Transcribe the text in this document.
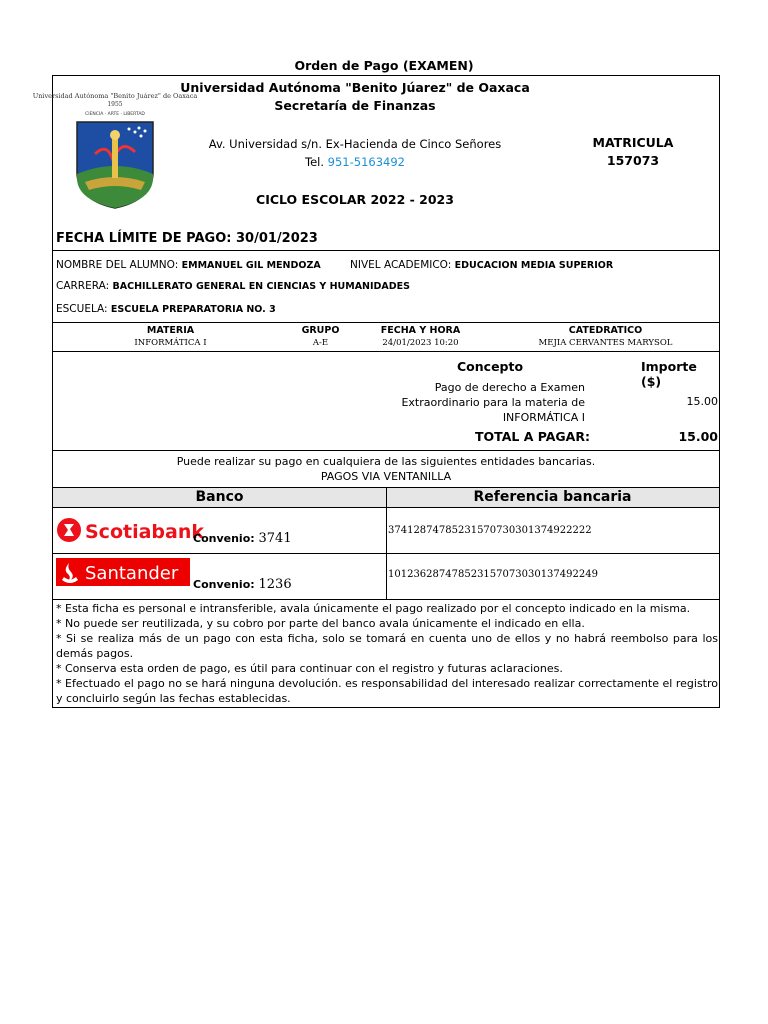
Orden de Pago (EXAMEN)
Universidad Autónoma "Benito Juárez" de Oaxaca
1955
CIENCIA · ARTE · LIBERTAD
Universidad Autónoma "Benito Júarez" de Oaxaca
Secretaría de Finanzas
Av. Universidad s/n. Ex-Hacienda de Cinco Señores
Tel. 951-5163492
MATRICULA
157073
CICLO ESCOLAR 2022 - 2023
FECHA LÍMITE DE PAGO: 30/01/2023
NOMBRE DEL ALUMNO: EMMANUEL GIL MENDOZA	NIVEL ACADEMICO: EDUCACION MEDIA SUPERIOR
CARRERA: BACHILLERATO GENERAL EN CIENCIAS Y HUMANIDADES
ESCUELA: ESCUELA PREPARATORIA NO. 3
MATERIA	GRUPO	FECHA Y HORA	CATEDRATICO
INFORMÁTICA I	A-E	24/01/2023 10:20	MEJIA CERVANTES MARYSOL
Concepto	Importe ($)
Pago de derecho a Examen
Extraordinario para la materia de
INFORMÁTICA I
15.00
TOTAL A PAGAR:	15.00
Puede realizar su pago en cualquiera de las siguientes entidades bancarias.
PAGOS VIA VENTANILLA
Banco	Referencia bancaria
Scotiabank
Convenio: 3741
37412874785231570730301374922222
Santander
Convenio: 1236
10123628747852315707303013749224​9
* Esta ficha es personal e intransferible, avala únicamente el pago realizado por el concepto indicado en la misma.
* No puede ser reutilizada, y su cobro por parte del banco avala únicamente el indicado en ella.
* Si se realiza más de un pago con esta ficha, solo se tomará en cuenta uno de ellos y no habrá reembolso para los demás pagos.
* Conserva esta orden de pago, es útil para continuar con el registro y futuras aclaraciones.
* Efectuado el pago no se hará ninguna devolución. es responsabilidad del interesado realizar correctamente el registro y concluirlo según las fechas establecidas.
